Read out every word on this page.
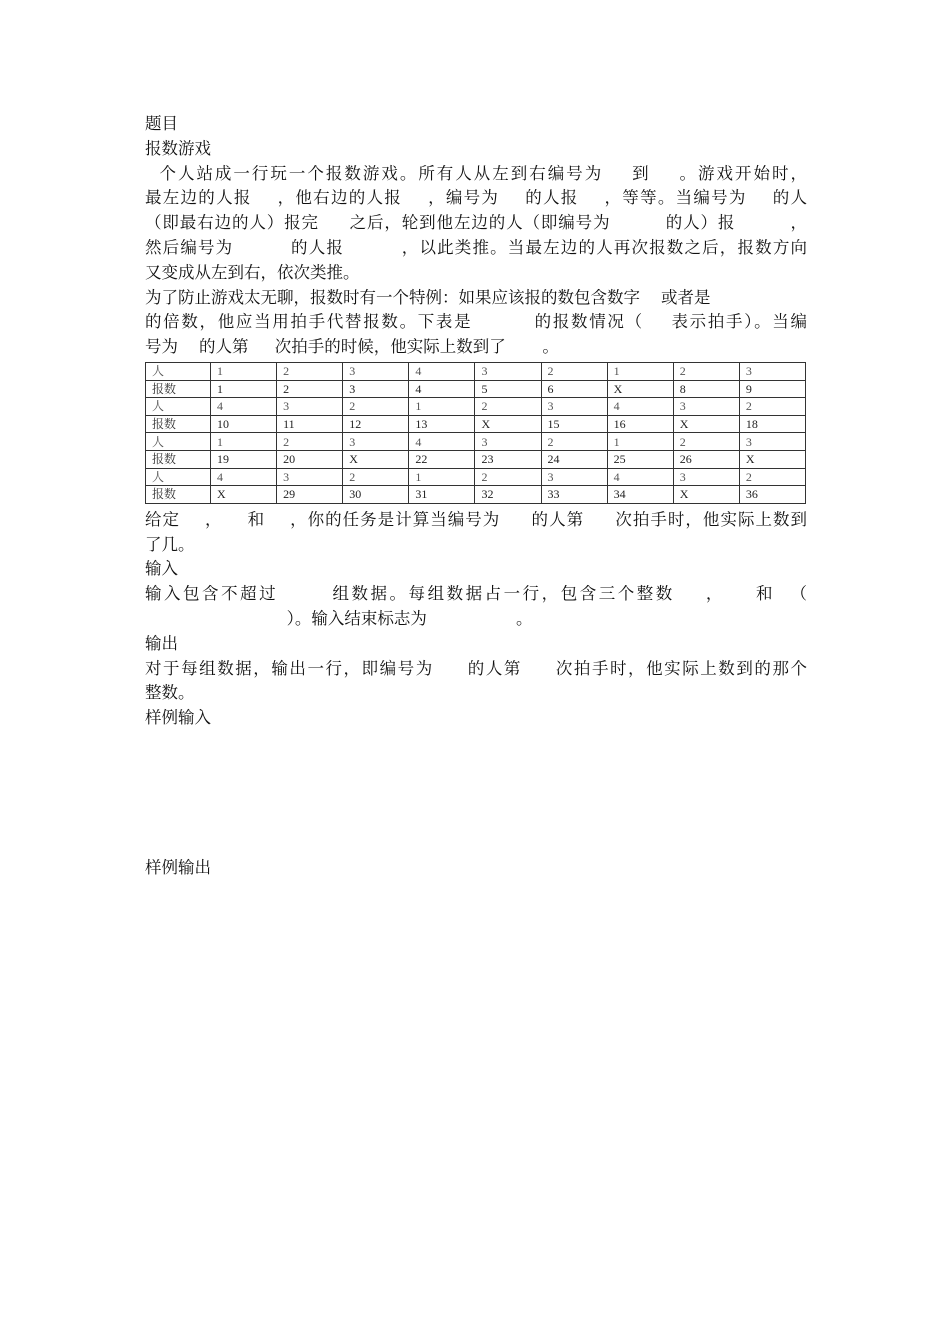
题目
报数游戏
个人站成一行玩一个报数游戏。所有人从左到右编号为    到    。游戏开始时，
最左边的人报    ，他右边的人报    ，编号为    的人报    ，等等。当编号为    的人
（即最右边的人）报完     之后，轮到他左边的人（即编号为         的人）报         ，
然后编号为         的人报         ，以此类推。当最左边的人再次报数之后，报数方向
又变成从左到右，依次类推。
为了防止游戏太无聊，报数时有一个特例：如果应该报的数包含数字    或者是
的倍数，他应当用拍手代替报数。下表是         的报数情况（    表示拍手）。当编
号为    的人第     次拍手的时候，他实际上数到了       。
人	1	2	3	4	3	2	1	2	3
报数	1	2	3	4	5	6	X	8	9
人	4	3	2	1	2	3	4	3	2
报数	10	11	12	13	X	15	16	X	18
人	1	2	3	4	3	2	1	2	3
报数	19	20	X	22	23	24	25	26	X
人	4	3	2	1	2	3	4	3	2
报数	X	29	30	31	32	33	34	X	36
给定    ，    和    ，你的任务是计算当编号为     的人第     次拍手时，他实际上数到
了几。
输入
输入包含不超过       组数据。每组数据占一行，包含三个整数    ，    和  （
）。输入结束标志为                 。
输出
对于每组数据，输出一行，即编号为     的人第     次拍手时，他实际上数到的那个
整数。
样例输入
样例输出
